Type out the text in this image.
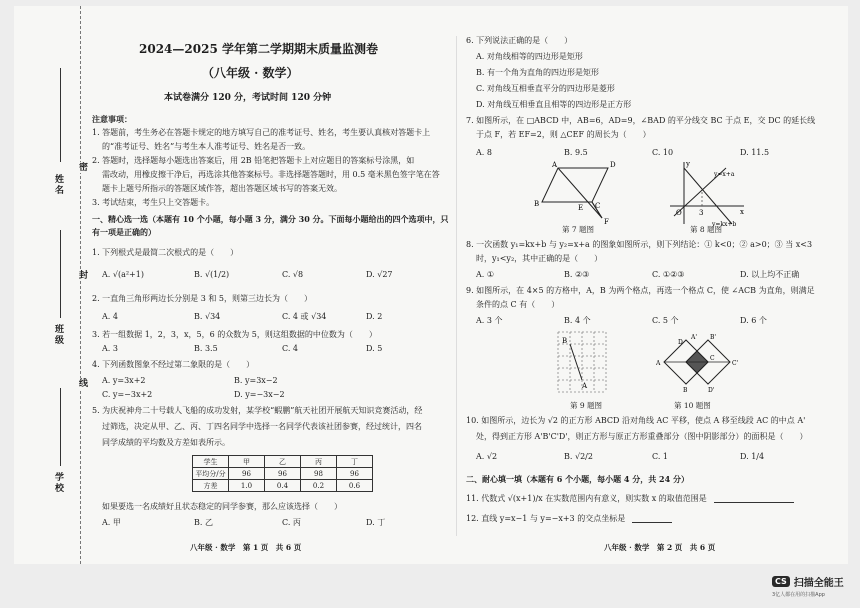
姓名
班级
学校
密
封
线
2024—2025 学年第二学期期末质量监测卷
（八年级 · 数学）
本试卷满分 120 分，考试时间 120 分钟
注意事项：
1. 答题前，考生务必在答题卡规定的地方填写自己的准考证号、姓名，考生要认真核对答题卡上
的“准考证号、姓名”与考生本人准考证号、姓名是否一致。
2. 答题时，选择题每小题选出答案后，用 2B 铅笔把答题卡上对应题目的答案标号涂黑，如
需改动，用橡皮擦干净后，再选涂其他答案标号。非选择题答题时，用 0.5 毫米黑色签字笔在答
题卡上题号所指示的答题区域作答，超出答题区域书写的答案无效。
3. 考试结束，考生只上交答题卡。
一、精心选一选（本题有 10 个小题，每小题 3 分，满分 30 分。下面每小题给出的四个选项中，只
有一项是正确的）
1. 下列根式是最简二次根式的是（　　）
A. √(a²+1)	B. √(1/2)	C. √8	D. √27
2. 一直角三角形两边长分别是 3 和 5，则第三边长为（　　）
A. 4	B. √34	C. 4 或 √34	D. 2
3. 若一组数据 1，2，3，x，5，6 的众数为 5，则这组数据的中位数为（　　）
A. 3	B. 3.5	C. 4	D. 5
4. 下列函数图象不经过第二象限的是（　　）
A. y=3x+2	B. y=3x−2
C. y=−3x+2	D. y=−3x−2
5. 为庆祝神舟二十号载人飞船的成功发射，某学校“蝦鹏”航天社团开展航天知识竞赛活动，经
过筛选，决定从甲、乙、丙、丁四名同学中选择一名同学代表该社团参赛，经过统计，四名
同学成绩的平均数及方差如表所示。
学生	甲	乙	丙	丁
平均分/分	96	96	98	96
方差	1.0	0.4	0.2	0.6
如果要选一名成绩好且状态稳定的同学参赛，那么应该选择（　　）
A. 甲	B. 乙	C. 丙	D. 丁
八年级 · 数学　第 1 页　共 6 页
6. 下列说法正确的是（　　）
A. 对角线相等的四边形是矩形
B. 有一个角为直角的四边形是矩形
C. 对角线互相垂直平分的四边形是菱形
D. 对角线互相垂直且相等的四边形是正方形
7. 如图所示，在 □ABCD 中，AB=6，AD=9，∠BAD 的平分线交 BC 于点 E，交 DC 的延长线
于点 F，若 EF=2，则 △CEF 的周长为（　　）
A. 8	B. 9.5	C. 10	D. 11.5
A	D
B	E C
F
第 7 题图
y
x
O 3
y=x+a
y=kx+b
第 8 题图
8. 一次函数 y₁=kx+b 与 y₂=x+a 的图象如图所示，则下列结论：① k<0；② a>0；③ 当 x<3
时，y₁<y₂，其中正确的是（　　）
A. ①	B. ②③	C. ①②③	D. 以上均不正确
9. 如图所示，在 4×5 的方格中，A，B 为两个格点，再选一个格点 C，使 ∠ACB 为直角，则满足
条件的点 C 有（　　）
A. 3 个	B. 4 个	C. 5 个	D. 6 个
B
A
第 9 题图
A' B'
D
C
C'
A
B	D'
第 10 题图
10. 如图所示，边长为 √2 的正方形 ABCD 沿对角线 AC 平移，使点 A 移至线段 AC 的中点 A'
处，得到正方形 A'B'C'D'，则正方形与原正方形重叠部分（图中阴影部分）的面积是（　　）
A. √2	B. √2/2	C. 1	D. 1/4
二、耐心填一填（本题有 6 个小题，每小题 4 分，共 24 分）
11. 代数式 √(x+1)/x 在实数范围内有意义，则实数 x 的取值范围是
12. 直线 y=x−1 与 y=−x+3 的交点坐标是
八年级 · 数学　第 2 页　共 6 页
CS 扫描全能王
3亿人都在用的扫描App
